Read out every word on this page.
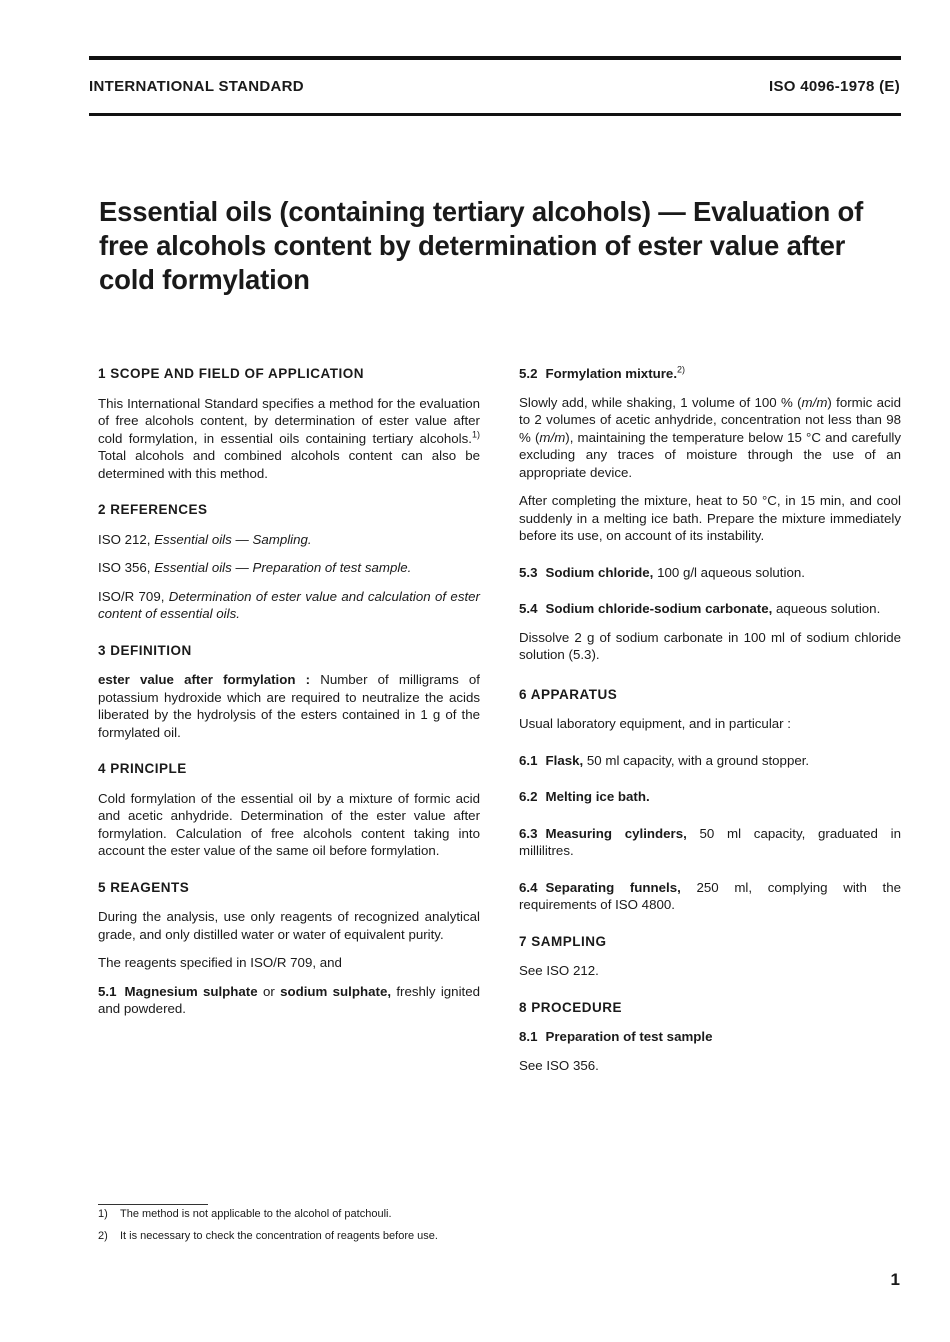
INTERNATIONAL STANDARD	ISO 4096-1978 (E)
Essential oils (containing tertiary alcohols) — Evaluation of free alcohols content by determination of ester value after cold formylation
1 SCOPE AND FIELD OF APPLICATION

This International Standard specifies a method for the evaluation of free alcohols content, by determination of ester value after cold formylation, in essential oils containing tertiary alcohols.$^{1)}$ Total alcohols and combined alcohols content can also be determined with this method.

2 REFERENCES

ISO 212, Essential oils — Sampling.

ISO 356, Essential oils — Preparation of test sample.

ISO/R 709, Determination of ester value and calculation of ester content of essential oils.

3 DEFINITION

ester value after formylation : Number of milligrams of potassium hydroxide which are required to neutralize the acids liberated by the hydrolysis of the esters contained in 1 g of the formylated oil.

4 PRINCIPLE

Cold formylation of the essential oil by a mixture of formic acid and acetic anhydride. Determination of the ester value after formylation. Calculation of free alcohols content taking into account the ester value of the same oil before formylation.

5 REAGENTS

During the analysis, use only reagents of recognized analytical grade, and only distilled water or water of equivalent purity.

The reagents specified in ISO/R 709, and

5.1 Magnesium sulphate or sodium sulphate, freshly ignited and powdered.
5.2 Formylation mixture.$^{2)}$

Slowly add, while shaking, 1 volume of 100 % (m/m) formic acid to 2 volumes of acetic anhydride, concentration not less than 98 % (m/m), maintaining the temperature below 15 °C and carefully excluding any traces of moisture through the use of an appropriate device.

After completing the mixture, heat to 50 °C, in 15 min, and cool suddenly in a melting ice bath. Prepare the mixture immediately before its use, on account of its instability.

5.3 Sodium chloride, 100 g/l aqueous solution.
5.4 Sodium chloride-sodium carbonate, aqueous solution.

Dissolve 2 g of sodium carbonate in 100 ml of sodium chloride solution (5.3).

6 APPARATUS

Usual laboratory equipment, and in particular :

6.1 Flask, 50 ml capacity, with a ground stopper.
6.2 Melting ice bath.
6.3 Measuring cylinders, 50 ml capacity, graduated in millilitres.
6.4 Separating funnels, 250 ml, complying with the requirements of ISO 4800.
7 SAMPLING

See ISO 212.

8 PROCEDURE
8.1 Preparation of test sample

See ISO 356.

1) The method is not applicable to the alcohol of patchouli.
2) It is necessary to check the concentration of reagents before use.
1
